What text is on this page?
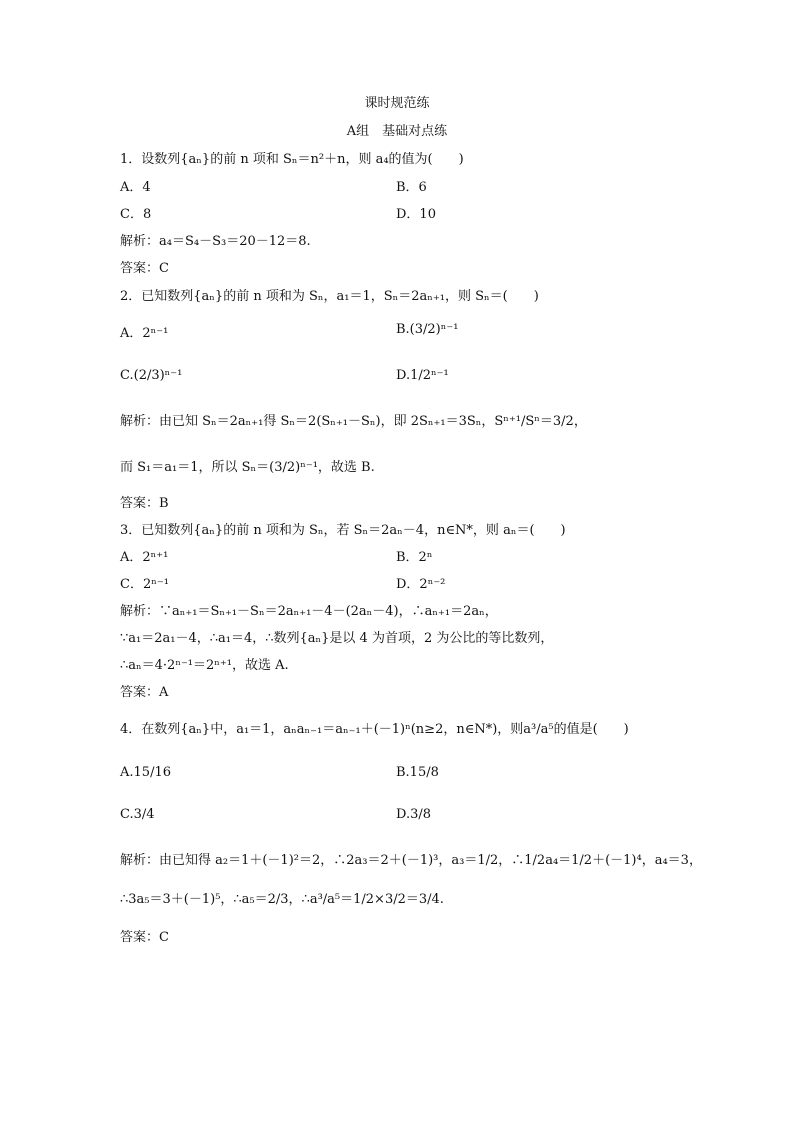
课时规范练
A组　基础对点练
1．设数列{aₙ}的前 n 项和 Sₙ＝n²＋n，则 a₄的值为(　　)
A．4	B．6
C．8	D．10
解析：a₄＝S₄－S₃＝20－12＝8.
答案：C
2．已知数列{aₙ}的前 n 项和为 Sₙ，a₁＝1，Sₙ＝2aₙ₊₁，则 Sₙ＝(　　)
A．2ⁿ⁻¹	B.(3/2)ⁿ⁻¹
C.(2/3)ⁿ⁻¹	D.1/2ⁿ⁻¹
解析：由已知 Sₙ＝2aₙ₊₁得 Sₙ＝2(Sₙ₊₁－Sₙ)，即 2Sₙ₊₁＝3Sₙ，Sⁿ⁺¹/Sⁿ＝3/2，
而 S₁＝a₁＝1，所以 Sₙ＝(3/2)ⁿ⁻¹，故选 B.
答案：B
3．已知数列{aₙ}的前 n 项和为 Sₙ，若 Sₙ＝2aₙ－4，n∈N*，则 aₙ＝(　　)
A．2ⁿ⁺¹	B．2ⁿ
C．2ⁿ⁻¹	D．2ⁿ⁻²
解析：∵aₙ₊₁＝Sₙ₊₁－Sₙ＝2aₙ₊₁－4－(2aₙ－4)，∴aₙ₊₁＝2aₙ，
∵a₁＝2a₁－4，∴a₁＝4，∴数列{aₙ}是以 4 为首项，2 为公比的等比数列，
∴aₙ＝4·2ⁿ⁻¹＝2ⁿ⁺¹，故选 A.
答案：A
4．在数列{aₙ}中，a₁＝1，aₙaₙ₋₁＝aₙ₋₁＋(－1)ⁿ(n≥2，n∈N*)，则a³/a⁵的值是(　　)
A.15/16	B.15/8
C.3/4	D.3/8
解析：由已知得 a₂＝1＋(－1)²＝2，∴2a₃＝2＋(－1)³，a₃＝1/2，∴1/2a₄＝1/2＋(－1)⁴，a₄＝3，
∴3a₅＝3＋(－1)⁵，∴a₅＝2/3，∴a³/a⁵＝1/2×3/2＝3/4.
答案：C
